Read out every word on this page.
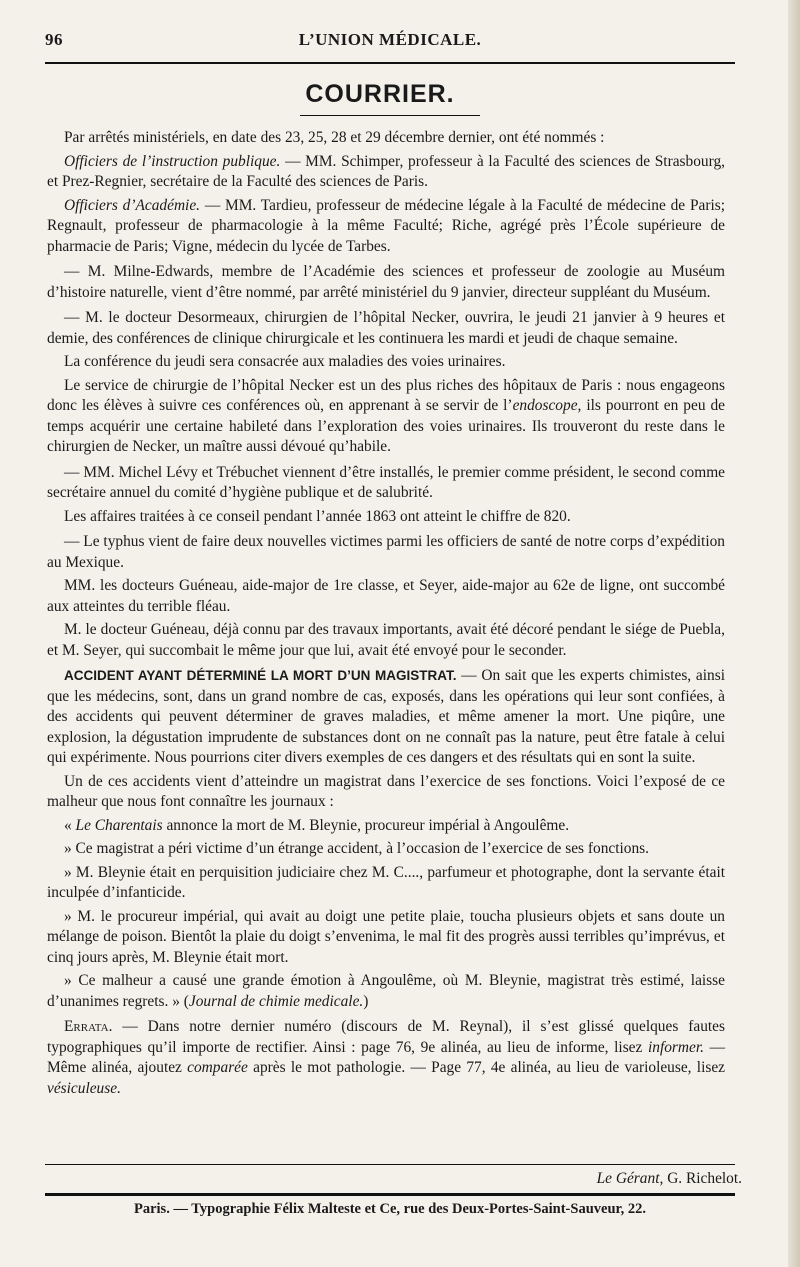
96	L’UNION MÉDICALE.
COURRIER.

Par arrêtés ministériels, en date des 23, 25, 28 et 29 décembre dernier, ont été nommés :

Officiers de l’instruction publique. — MM. Schimper, professeur à la Faculté des sciences de Strasbourg, et Prez-Regnier, secrétaire de la Faculté des sciences de Paris.

Officiers d’Académie. — MM. Tardieu, professeur de médecine légale à la Faculté de médecine de Paris; Regnault, professeur de pharmacologie à la même Faculté; Riche, agrégé près l’École supérieure de pharmacie de Paris; Vigne, médecin du lycée de Tarbes.

— M. Milne-Edwards, membre de l’Académie des sciences et professeur de zoologie au Muséum d’histoire naturelle, vient d’être nommé, par arrêté ministériel du 9 janvier, directeur suppléant du Muséum.

— M. le docteur Desormeaux, chirurgien de l’hôpital Necker, ouvrira, le jeudi 21 janvier à 9 heures et demie, des conférences de clinique chirurgicale et les continuera les mardi et jeudi de chaque semaine.

La conférence du jeudi sera consacrée aux maladies des voies urinaires.

Le service de chirurgie de l’hôpital Necker est un des plus riches des hôpitaux de Paris : nous engageons donc les élèves à suivre ces conférences où, en apprenant à se servir de l’endoscope, ils pourront en peu de temps acquérir une certaine habileté dans l’exploration des voies urinaires. Ils trouveront du reste dans le chirurgien de Necker, un maître aussi dévoué qu’habile.

— MM. Michel Lévy et Trébuchet viennent d’être installés, le premier comme président, le second comme secrétaire annuel du comité d’hygiène publique et de salubrité.

Les affaires traitées à ce conseil pendant l’année 1863 ont atteint le chiffre de 820.

— Le typhus vient de faire deux nouvelles victimes parmi les officiers de santé de notre corps d’expédition au Mexique.

MM. les docteurs Guéneau, aide-major de 1re classe, et Seyer, aide-major au 62e de ligne, ont succombé aux atteintes du terrible fléau.

M. le docteur Guéneau, déjà connu par des travaux importants, avait été décoré pendant le siége de Puebla, et M. Seyer, qui succombait le même jour que lui, avait été envoyé pour le seconder.

ACCIDENT AYANT DÉTERMINÉ LA MORT D’UN MAGISTRAT. — On sait que les experts chimistes, ainsi que les médecins, sont, dans un grand nombre de cas, exposés, dans les opérations qui leur sont confiées, à des accidents qui peuvent déterminer de graves maladies, et même amener la mort. Une piqûre, une explosion, la dégustation imprudente de substances dont on ne connaît pas la nature, peut être fatale à celui qui expérimente. Nous pourrions citer divers exemples de ces dangers et des résultats qui en sont la suite.

Un de ces accidents vient d’atteindre un magistrat dans l’exercice de ses fonctions. Voici l’exposé de ce malheur que nous font connaître les journaux :

« Le Charentais annonce la mort de M. Bleynie, procureur impérial à Angoulême.

» Ce magistrat a péri victime d’un étrange accident, à l’occasion de l’exercice de ses fonctions.

» M. Bleynie était en perquisition judiciaire chez M. C...., parfumeur et photographe, dont la servante était inculpée d’infanticide.

» M. le procureur impérial, qui avait au doigt une petite plaie, toucha plusieurs objets et sans doute un mélange de poison. Bientôt la plaie du doigt s’envenima, le mal fit des progrès aussi terribles qu’imprévus, et cinq jours après, M. Bleynie était mort.

» Ce malheur a causé une grande émotion à Angoulême, où M. Bleynie, magistrat très estimé, laisse d’unanimes regrets. » (Journal de chimie medicale.)

Errata. — Dans notre dernier numéro (discours de M. Reynal), il s’est glissé quelques fautes typographiques qu’il importe de rectifier. Ainsi : page 76, 9e alinéa, au lieu de informe, lisez informer. — Même alinéa, ajoutez comparée après le mot pathologie. — Page 77, 4e alinéa, au lieu de varioleuse, lisez vésiculeuse.

Le Gérant, G. Richelot.
Paris. — Typographie Félix Malteste et Ce, rue des Deux-Portes-Saint-Sauveur, 22.
